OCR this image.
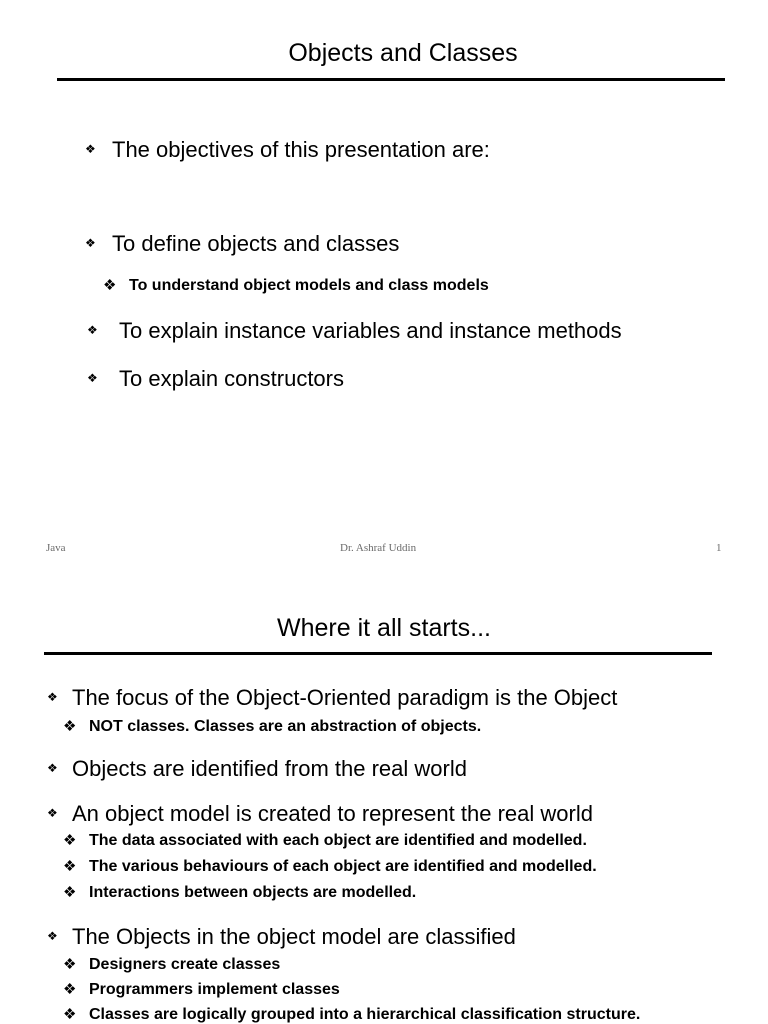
Objects and Classes
❖ The objectives of this presentation are:
❖ To define objects and classes
❖ To understand object models and class models
❖ To explain instance variables and instance methods
❖ To explain constructors
Java	Dr. Ashraf Uddin	1
Where it all starts...
❖ The focus of the Object-Oriented paradigm is the Object
❖ NOT classes. Classes are an abstraction of objects.
❖ Objects are identified from the real world
❖ An object model is created to represent the real world
❖ The data associated with each object are identified and modelled.
❖ The various behaviours of each object are identified and modelled.
❖ Interactions between objects are modelled.
❖ The Objects in the object model are classified
❖ Designers create classes
❖ Programmers implement classes
❖ Classes are logically grouped into a hierarchical classification structure.
